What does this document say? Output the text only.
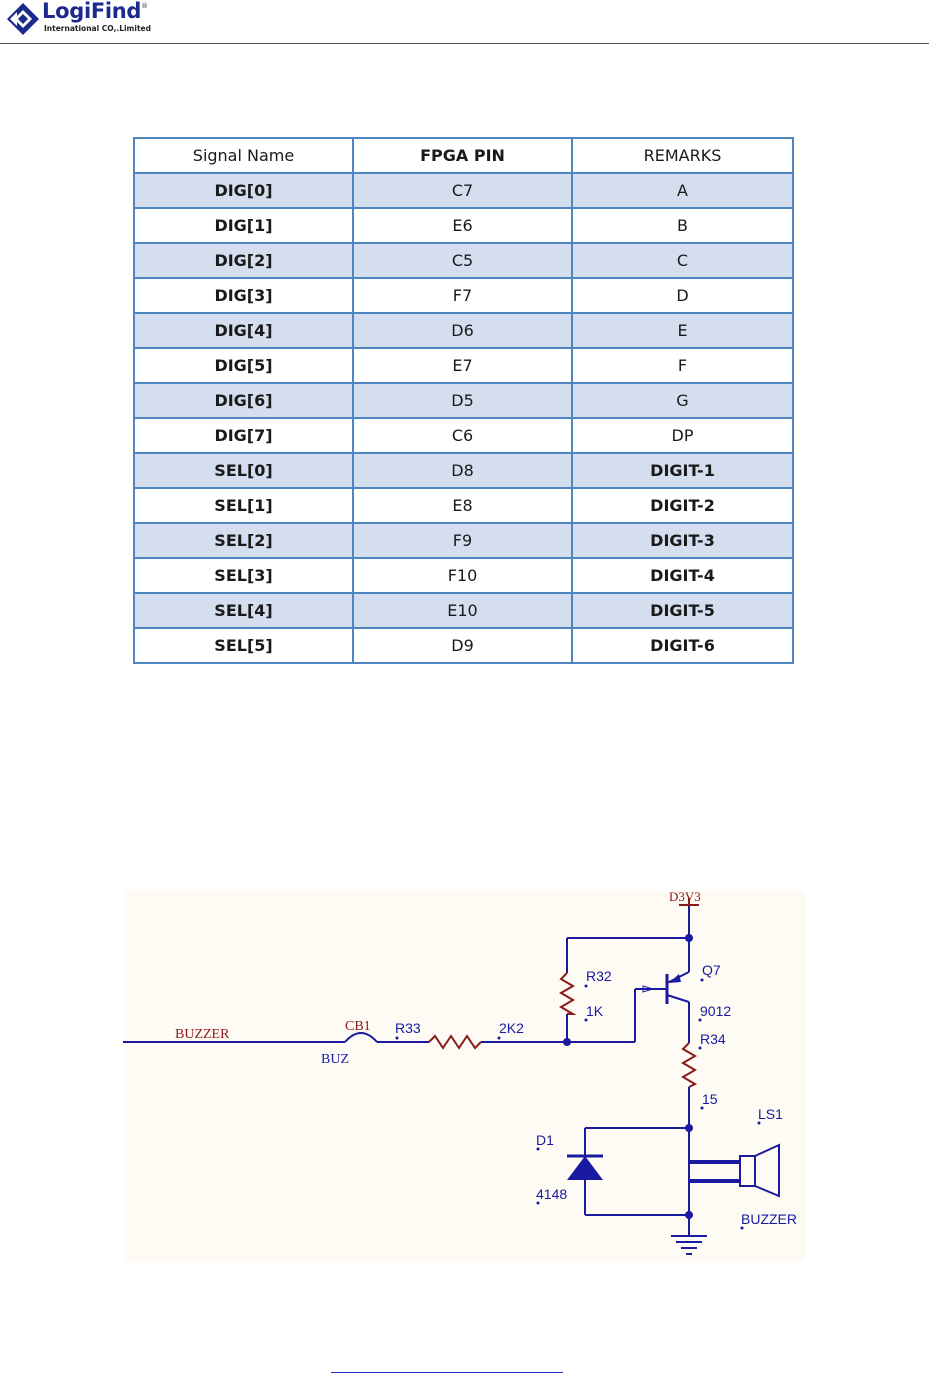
LogiFind®
International CO,.Limited
Signal Name	FPGA PIN	REMARKS
DIG[0]	C7	A
DIG[1]	E6	B
DIG[2]	C5	C
DIG[3]	F7	D
DIG[4]	D6	E
DIG[5]	E7	F
DIG[6]	D5	G
DIG[7]	C6	DP
SEL[0]	D8	DIGIT-1
SEL[1]	E8	DIGIT-2
SEL[2]	F9	DIGIT-3
SEL[3]	F10	DIGIT-4
SEL[4]	E10	DIGIT-5
SEL[5]	D9	DIGIT-6
BUZZER
CB1
BUZ
D3V3
R33	2K2
R32
1K
Q7
9012
R34
15
D1
4148
LS1
BUZZER
